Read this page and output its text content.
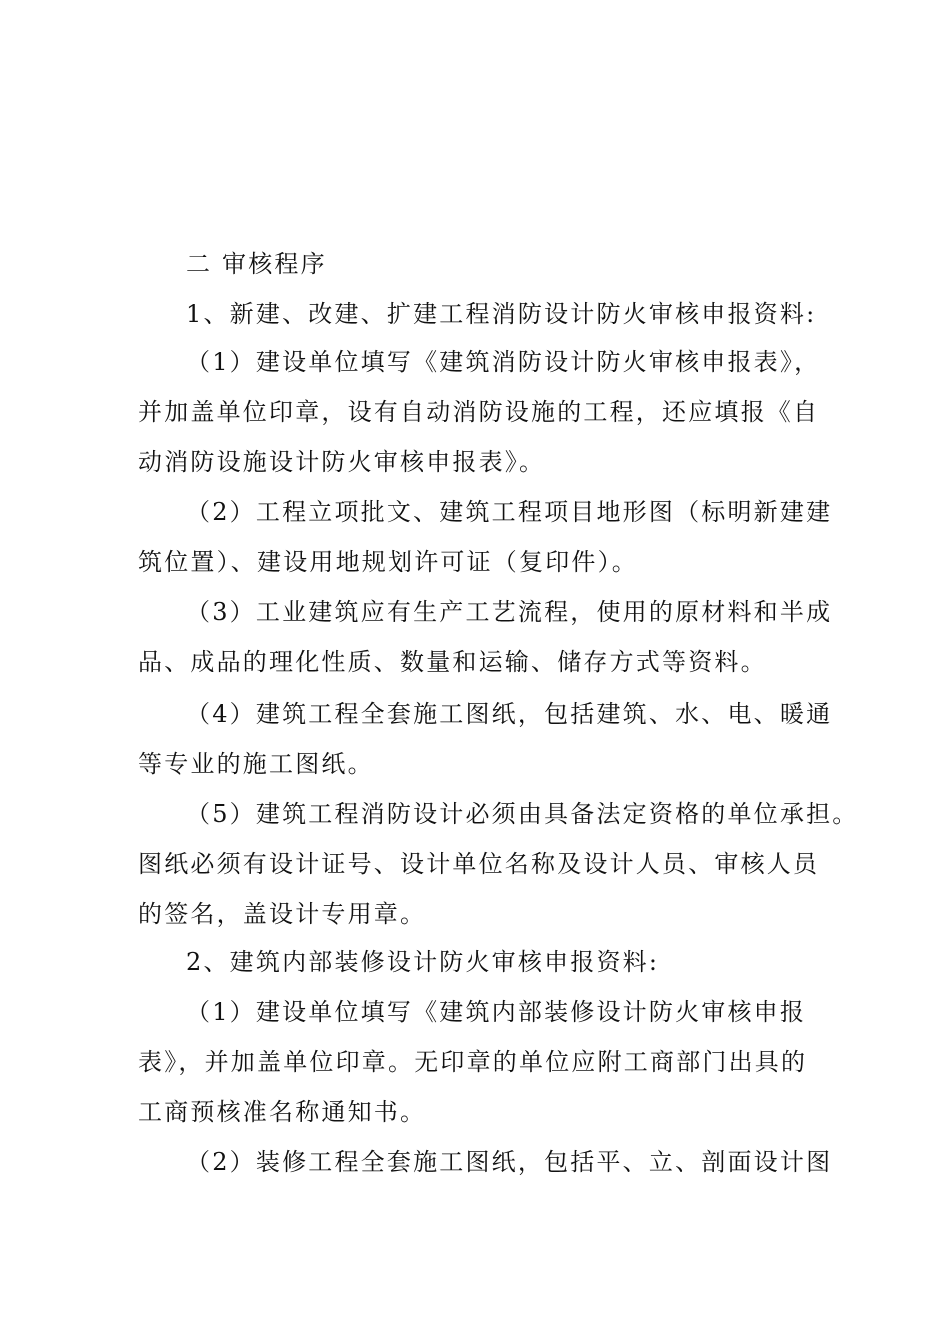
二 审核程序
1、新建、改建、扩建工程消防设计防火审核申报资料:
（1）建设单位填写《建筑消防设计防火审核申报表》，
并加盖单位印章，设有自动消防设施的工程，还应填报《自
动消防设施设计防火审核申报表》。
（2）工程立项批文、建筑工程项目地形图（标明新建建
筑位置）、建设用地规划许可证（复印件）。
（3）工业建筑应有生产工艺流程，使用的原材料和半成
品、成品的理化性质、数量和运输、储存方式等资料。
（4）建筑工程全套施工图纸，包括建筑、水、电、暖通
等专业的施工图纸。
（5）建筑工程消防设计必须由具备法定资格的单位承担。
图纸必须有设计证号、设计单位名称及设计人员、审核人员
的签名，盖设计专用章。
2、建筑内部装修设计防火审核申报资料:
（1）建设单位填写《建筑内部装修设计防火审核申报
表》，并加盖单位印章。无印章的单位应附工商部门出具的
工商预核准名称通知书。
（2）装修工程全套施工图纸，包括平、立、剖面设计图
